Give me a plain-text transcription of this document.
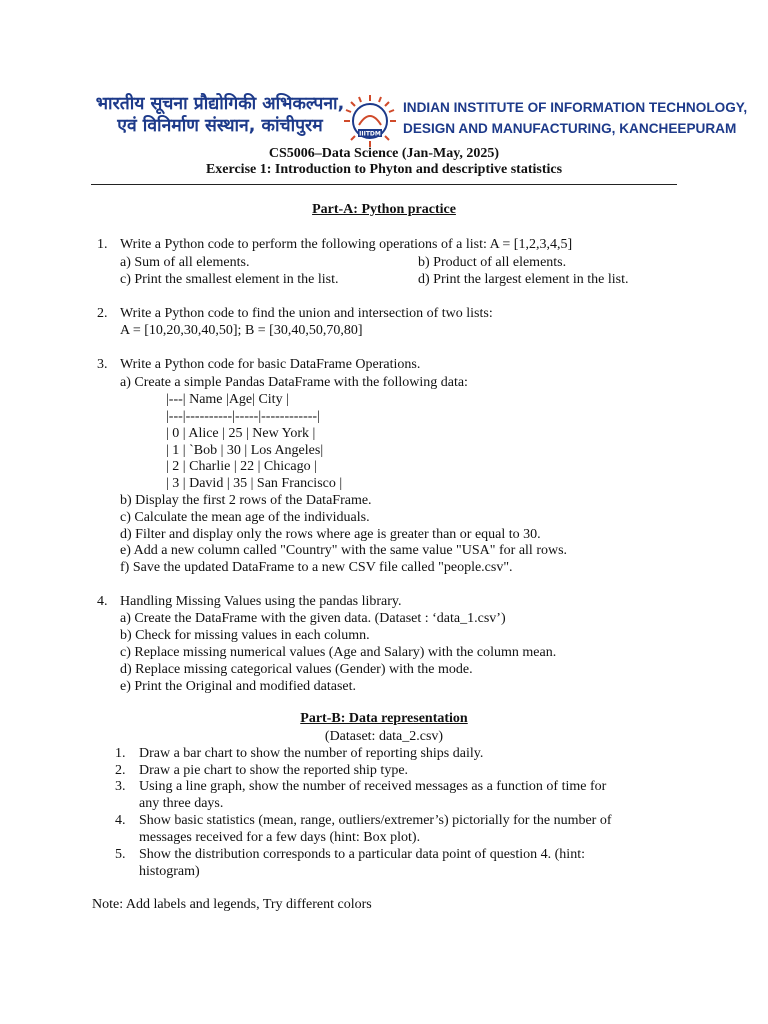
भारतीय सूचना प्रौद्योगिकी अभिकल्पना,
एवं विनिर्माण संस्थान, कांचीपुरम	IIITDM
INDIAN INSTITUTE OF INFORMATION TECHNOLOGY,
DESIGN AND MANUFACTURING, KANCHEEPURAM
CS5006–Data Science (Jan-May, 2025)
Exercise 1: Introduction to Phyton and descriptive statistics
Part-A: Python practice
1. Write a Python code to perform the following operations of a list: A = [1,2,3,4,5]
a) Sum of all elements.	b) Product of all elements.
c) Print the smallest element in the list.	d) Print the largest element in the list.
2. Write a Python code to find the union and intersection of two lists:
A = [10,20,30,40,50]; B = [30,40,50,70,80]
3. Write a Python code for basic DataFrame Operations.
a) Create a simple Pandas DataFrame with the following data:
|---| Name |Age| City |
|---|----------|-----|------------|
| 0 | Alice | 25 | New York |
| 1 | `Bob | 30 | Los Angeles|
| 2 | Charlie | 22 | Chicago |
| 3 | David | 35 | San Francisco |
b) Display the first 2 rows of the DataFrame.
c) Calculate the mean age of the individuals.
d) Filter and display only the rows where age is greater than or equal to 30.
e) Add a new column called "Country" with the same value "USA" for all rows.
f) Save the updated DataFrame to a new CSV file called "people.csv".
4. Handling Missing Values using the pandas library.
a) Create the DataFrame with the given data. (Dataset : ‘data_1.csv’)
b) Check for missing values in each column.
c) Replace missing numerical values (Age and Salary) with the column mean.
d) Replace missing categorical values (Gender) with the mode.
e) Print the Original and modified dataset.
Part-B: Data representation
(Dataset: data_2.csv)
1. Draw a bar chart to show the number of reporting ships daily.
2. Draw a pie chart to show the reported ship type.
3. Using a line graph, show the number of received messages as a function of time for
any three days.
4. Show basic statistics (mean, range, outliers/extremer’s) pictorially for the number of
messages received for a few days (hint: Box plot).
5. Show the distribution corresponds to a particular data point of question 4. (hint:
histogram)
Note: Add labels and legends, Try different colors
